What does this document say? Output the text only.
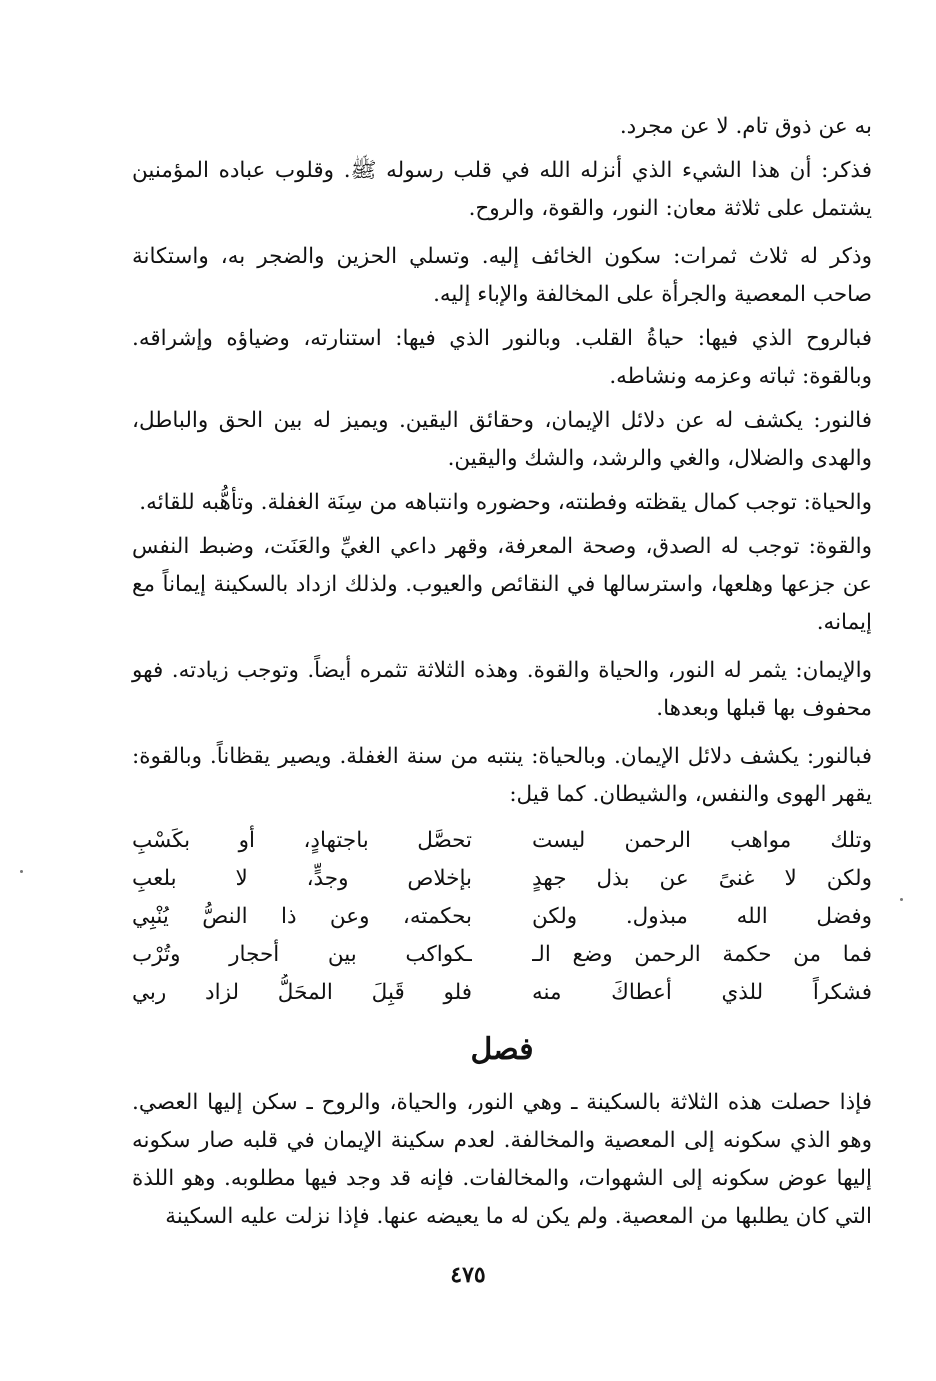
به عن ذوق تام. لا عن مجرد.

فذكر: أن هذا الشيء الذي أنزله الله في قلب رسوله ﷺ. وقلوب عباده المؤمنين يشتمل على ثلاثة معان: النور، والقوة، والروح.

وذكر له ثلاث ثمرات: سكون الخائف إليه. وتسلي الحزين والضجر به، واستكانة صاحب المعصية والجرأة على المخالفة والإباء إليه.

فبالروح الذي فيها: حياةُ القلب. وبالنور الذي فيها: استنارته، وضياؤه وإشراقه. وبالقوة: ثباته وعزمه ونشاطه.

فالنور: يكشف له عن دلائل الإيمان، وحقائق اليقين. ويميز له بين الحق والباطل، والهدى والضلال، والغي والرشد، والشك واليقين.

والحياة: توجب كمال يقظته وفطنته، وحضوره وانتباهه من سِنَة الغفلة. وتأهُّبه للقائه.

والقوة: توجب له الصدق، وصحة المعرفة، وقهر داعي الغيِّ والعَنَت، وضبط النفس عن جزعها وهلعها، واسترسالها في النقائص والعيوب. ولذلك ازداد بالسكينة إيماناً مع إيمانه.

والإيمان: يثمر له النور، والحياة والقوة. وهذه الثلاثة تثمره أيضاً. وتوجب زيادته. فهو محفوف بها قبلها وبعدها.

فبالنور: يكشف دلائل الإيمان. وبالحياة: ينتبه من سنة الغفلة. ويصير يقظاناً. وبالقوة: يقهر الهوى والنفس، والشيطان. كما قيل:

وتلك مواهب الرحمن ليست
تحصَّل باجتهادٍ، أو بكَسْبِ
ولكن لا غنىً عن بذل جهدٍ
بإخلاص وجدٍّ، لا بلعبِ
وفضل الله مبذول. ولكن
بحكمته، وعن ذا النصُّ يُنْبِي
فما من حكمة الرحمن وضع الـ
ـكواكب بين أحجار وتُرْب
فشكراً للذي أعطاكَ منه
فلو قَبِلَ المحَلُّ لزاد ربي
فصل

فإذا حصلت هذه الثلاثة بالسكينة ـ وهي النور، والحياة، والروح ـ سكن إليها العصي. وهو الذي سكونه إلى المعصية والمخالفة. لعدم سكينة الإيمان في قلبه صار سكونه إليها عوض سكونه إلى الشهوات، والمخالفات. فإنه قد وجد فيها مطلوبه. وهو اللذة التي كان يطلبها من المعصية. ولم يكن له ما يعيضه عنها. فإذا نزلت عليه السكينة

٤٧٥
